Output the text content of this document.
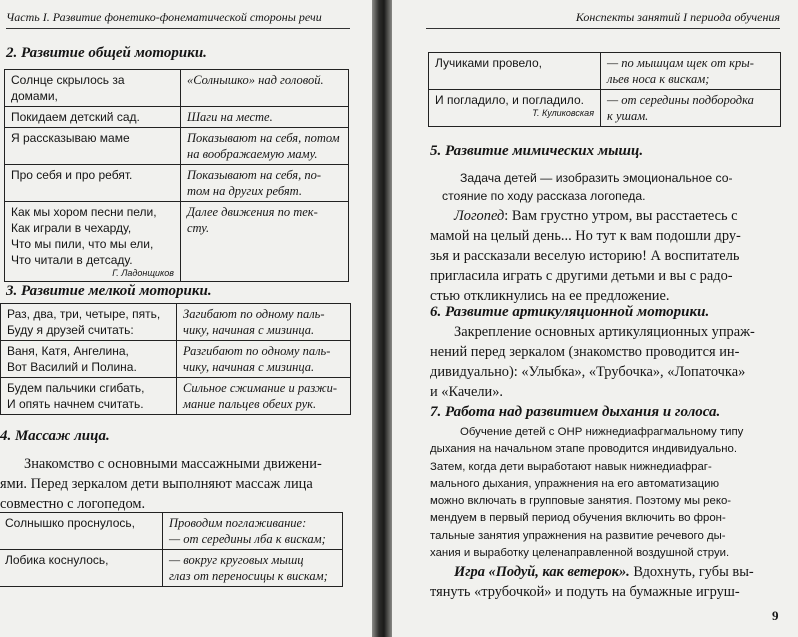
Часть I. Развитие фонетико-фонематической стороны речи
2. Развитие общей моторики.
Солнце скрылось за домами,	«Солнышко» над головой.

Покидаем детский сад.	Шаги на месте.

Я рассказываю маме	Показывают на себя, потом
на воображаемую маму.

Про себя и про ребят.	Показывают на себя, по-
том на других ребят.

Как мы хором песни пели,
Как играли в чехарду,
Что мы пили, что мы ели,
Что читали в детсаду.
Г. Ладонщиков	Далее движения по тек-
сту.
3. Развитие мелкой моторики.
Раз, два, три, четыре, пять,
Буду я друзей считать:	Загибают по одному паль-
чику, начиная с мизинца.

Ваня, Катя, Ангелина,
Вот Василий и Полина.	Разгибают по одному паль-
чику, начиная с мизинца.

Будем пальчики сгибать,
И опять начнем считать.	Сильное сжимание и разжи-
мание пальцев обеих рук.
4. Массаж лица.
Знакомство с основными массажными движени-
ями. Перед зеркалом дети выполняют массаж лица
совместно с логопедом.
Солнышко проснулось,	Проводим поглаживание:
— от середины лба к вискам;

Лобика коснулось,	— вокруг круговых мышц
глаз от переносицы к вискам;
Конспекты занятий I периода обучения
Лучиками провело,	— по мышцам щек от кры-
льев носа к вискам;

И погладило, и погладило.
Т. Куликовская	— от середины подбородка
к ушам.
5. Развитие мимических мышц.
Задача детей — изобразить эмоциональное со-
стояние по ходу рассказа логопеда.
Логопед: Вам грустно утром, вы расстаетесь с
мамой на целый день... Но тут к вам подошли дру-
зья и рассказали веселую историю! А воспитатель
пригласила играть с другими детьми и вы с радо-
стью откликнулись на ее предложение.
6. Развитие артикуляционной моторики.
Закрепление основных артикуляционных упраж-
нений перед зеркалом (знакомство проводится ин-
дивидуально): «Улыбка», «Трубочка», «Лопаточка»
и «Качели».
7. Работа над развитием дыхания и голоса.
Обучение детей с ОНР нижнедиафрагмальному типу
дыхания на начальном этапе проводится индивидуально.
Затем, когда дети выработают навык нижнедиафраг-
мального дыхания, упражнения на его автоматизацию
можно включать в групповые занятия. Поэтому мы реко-
мендуем в первый период обучения включить во фрон-
тальные занятия упражнения на развитие речевого ды-
хания и выработку целенаправленной воздушной струи.
Игра «Подуй, как ветерок». Вдохнуть, губы вы-
тянуть «трубочкой» и подуть на бумажные игруш-
9
